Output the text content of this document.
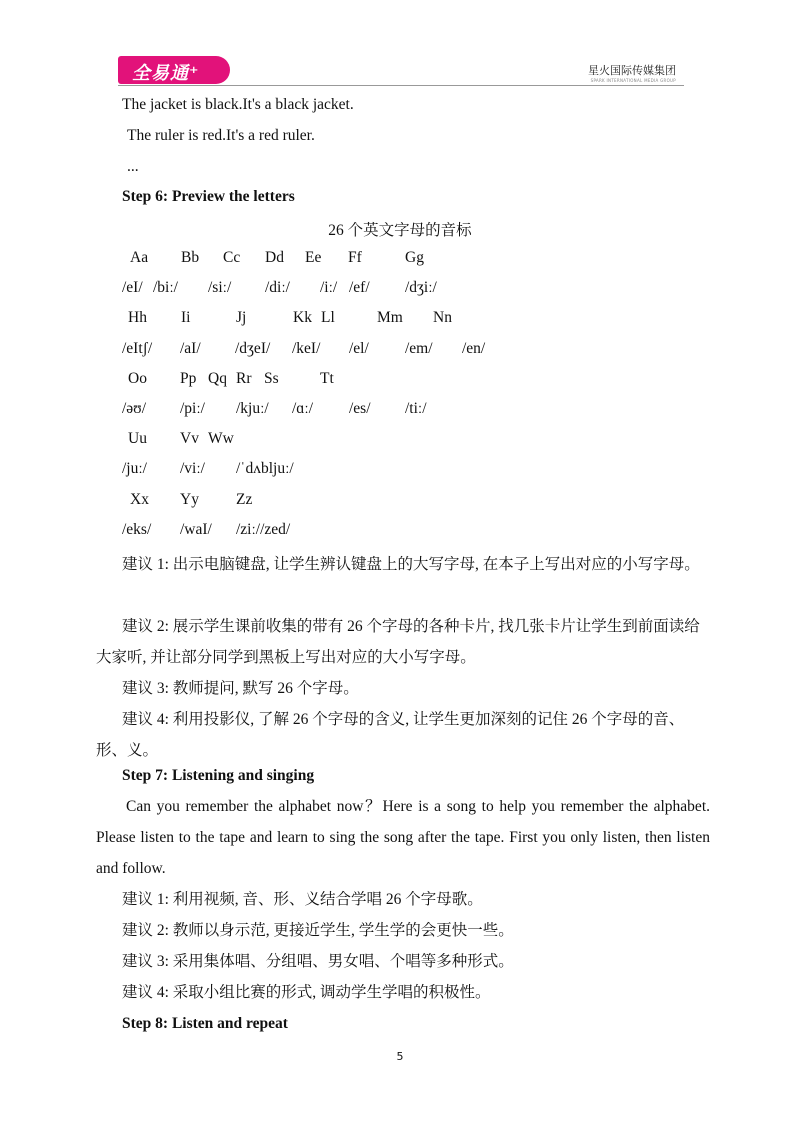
全易通⁺	星火国际传媒集团
SPARK INTERNATIONAL MEDIA GROUP
The jacket is black.It's a black jacket.
The ruler is red.It's a red ruler.
...
Step 6: Preview the letters
26 个英文字母的音标
Aa Bb Cc Dd Ee Ff	Gg
/eI/ /biː/ /siː/ /diː/ /iː/ /ef/ /dʒiː/
Hh Ii	Jj	Kk Ll	Mm Nn
/eItʃ/ /aI/ /dʒeI/ /keI/ /el/ /em/ /en/
Oo Pp Qq Rr Ss	Tt
/əʊ/ /piː/ /kjuː/ /ɑː/ /es/ /tiː/
Uu Vv Ww
/juː/ /viː/ /ˈdʌbljuː/
Xx Yy Zz
/eks/ /waI/ /ziː//zed/
建议 1: 出示电脑键盘, 让学生辨认键盘上的大写字母, 在本子上写出对应的小写字母。
建议 2: 展示学生课前收集的带有 26 个字母的各种卡片, 找几张卡片让学生到前面读给大家听, 并让部分同学到黑板上写出对应的大小写字母。
建议 3: 教师提问, 默写 26 个字母。
建议 4: 利用投影仪, 了解 26 个字母的含义, 让学生更加深刻的记住 26 个字母的音、形、义。
Step 7: Listening and singing
Can you remember the alphabet now？Here is a song to help you remember the alphabet. Please listen to the tape and learn to sing the song after the tape. First you only listen, then listen and follow.
建议 1: 利用视频, 音、形、义结合学唱 26 个字母歌。
建议 2: 教师以身示范, 更接近学生, 学生学的会更快一些。
建议 3: 采用集体唱、分组唱、男女唱、个唱等多种形式。
建议 4: 采取小组比赛的形式, 调动学生学唱的积极性。
Step 8: Listen and repeat
5
